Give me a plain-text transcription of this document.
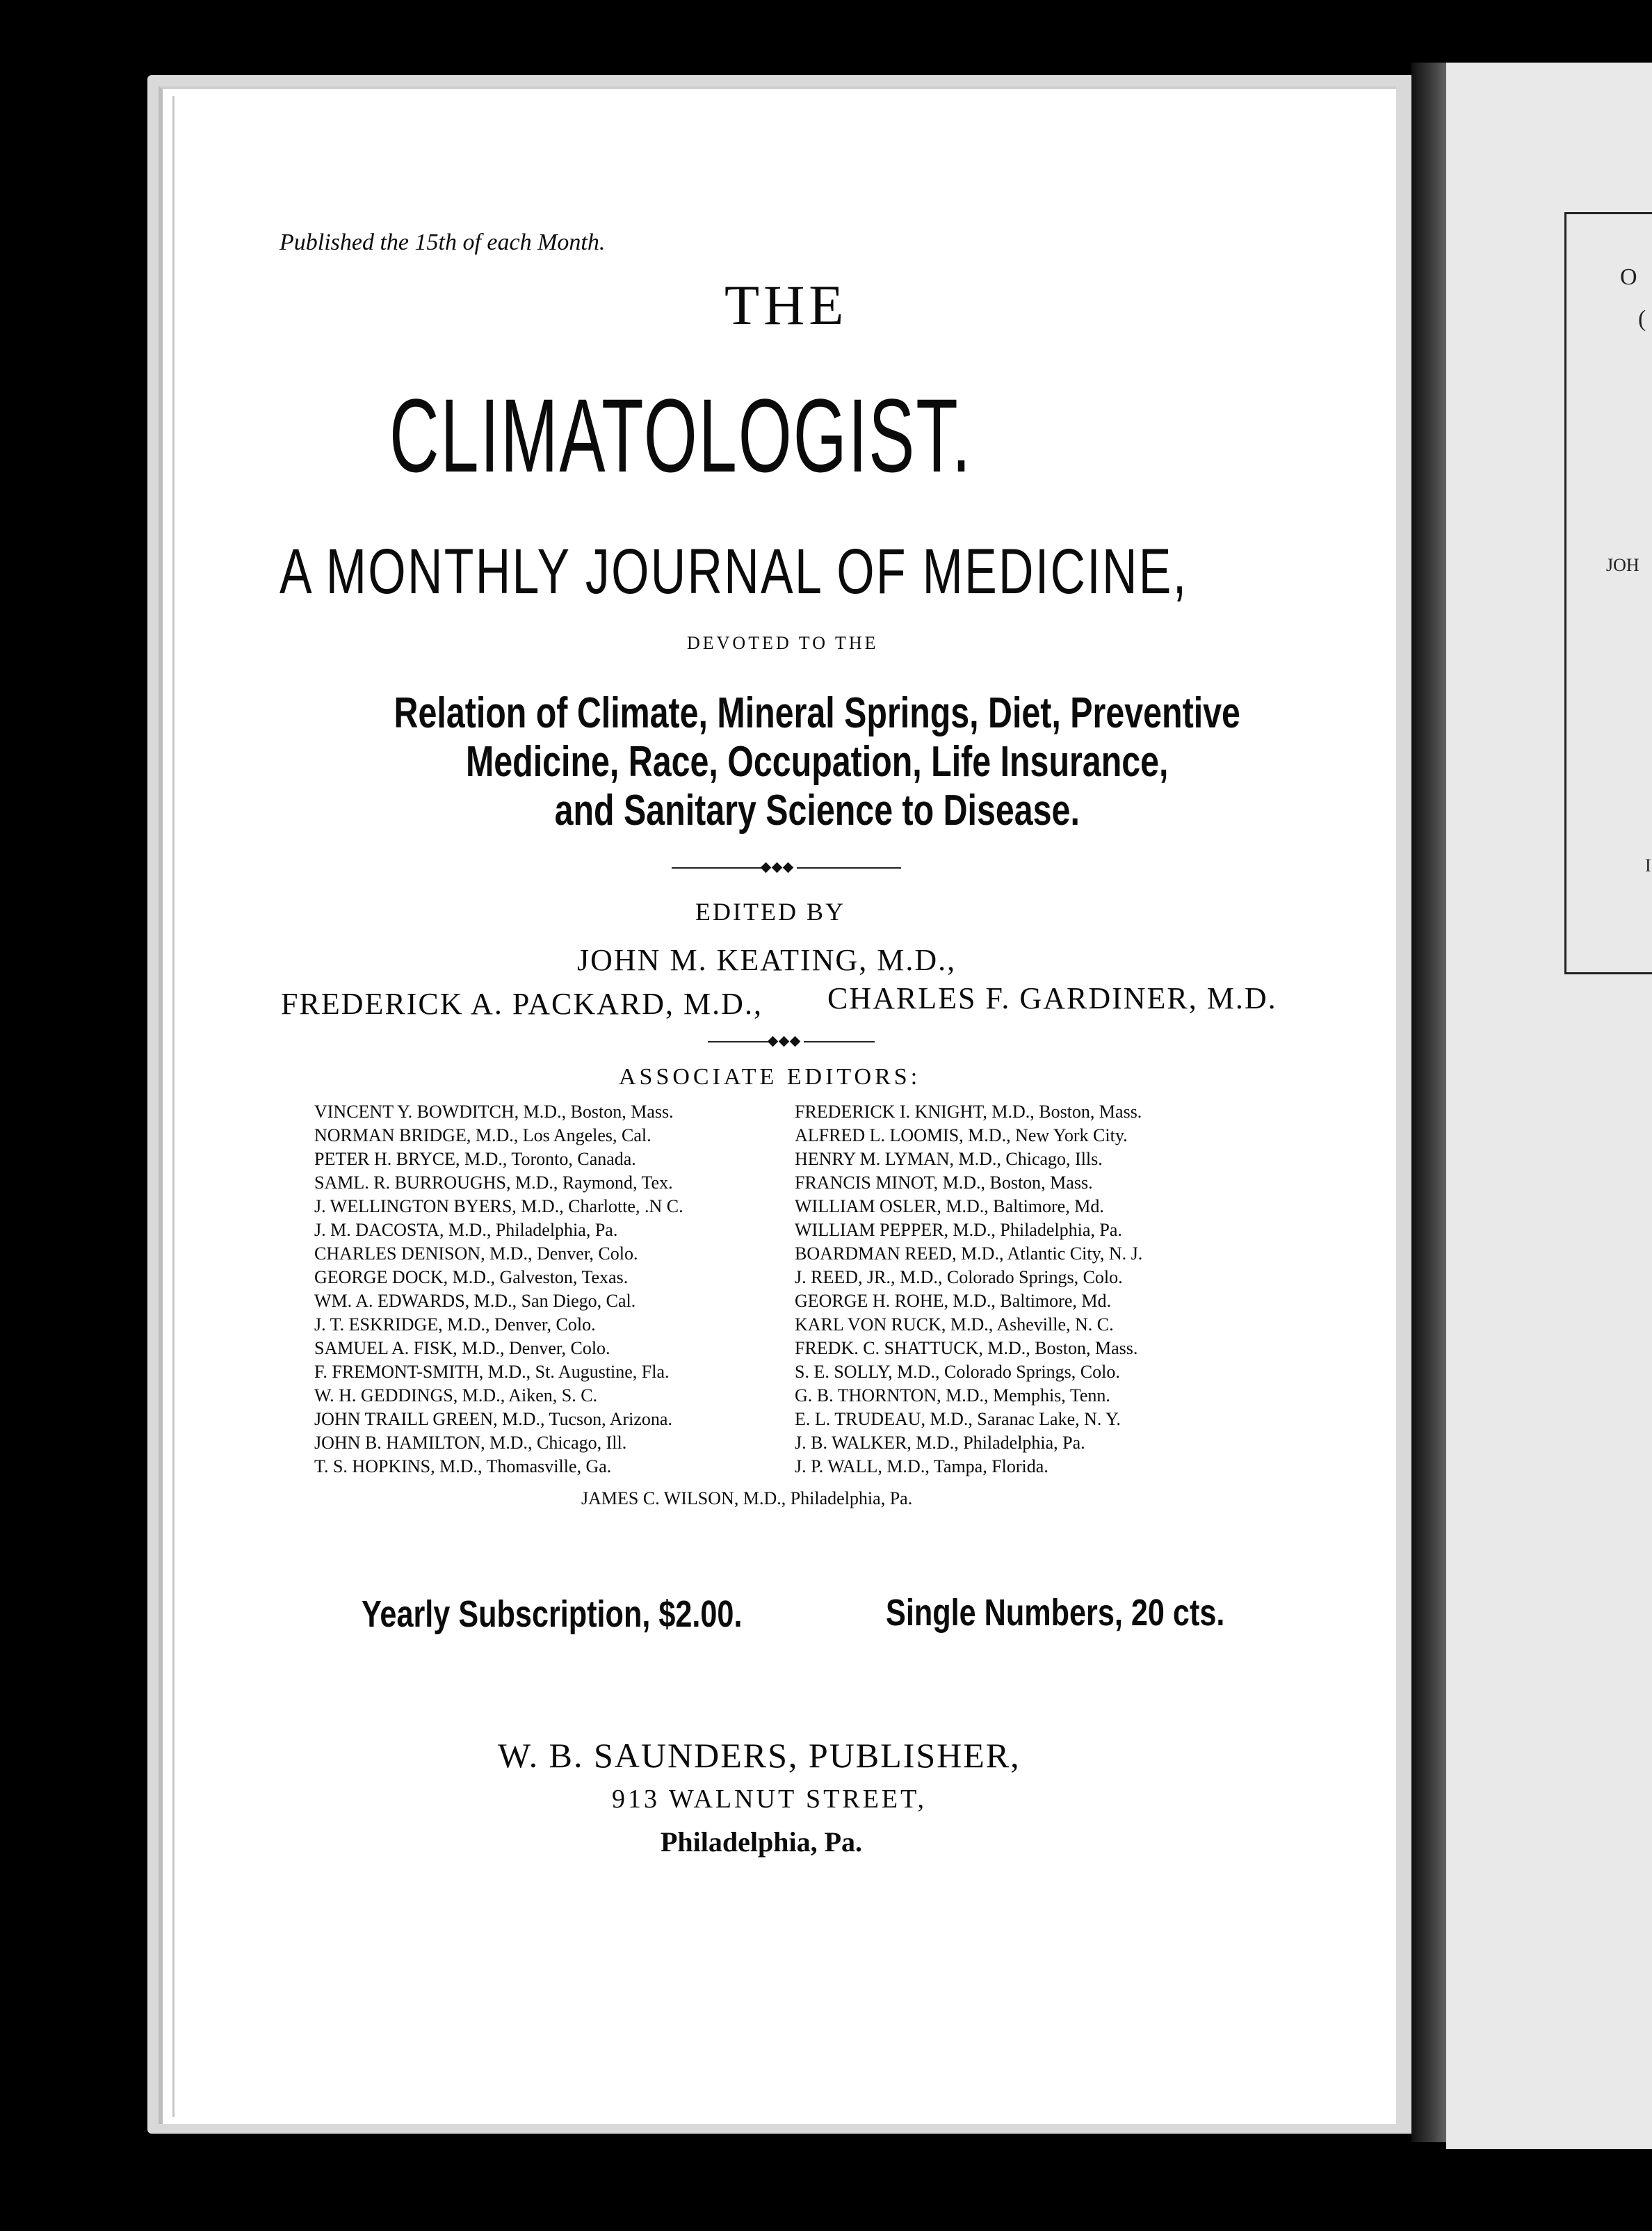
O
(
JOH
I
Published the 15th of each Month.
THE
CLIMATOLOGIST.
A MONTHLY JOURNAL OF MEDICINE,
DEVOTED TO THE
Relation of Climate, Mineral Springs, Diet, Preventive
Medicine, Race, Occupation, Life Insurance,
and Sanitary Science to Disease.
EDITED BY
JOHN M. KEATING, M.D.,
FREDERICK A. PACKARD, M.D., CHARLES F. GARDINER, M.D.
ASSOCIATE EDITORS:
VINCENT Y. BOWDITCH, M.D., Boston, Mass.
NORMAN BRIDGE, M.D., Los Angeles, Cal.
PETER H. BRYCE, M.D., Toronto, Canada.
SAML. R. BURROUGHS, M.D., Raymond, Tex.
J. WELLINGTON BYERS, M.D., Charlotte, .N C.
J. M. DACOSTA, M.D., Philadelphia, Pa.
CHARLES DENISON, M.D., Denver, Colo.
GEORGE DOCK, M.D., Galveston, Texas.
WM. A. EDWARDS, M.D., San Diego, Cal.
J. T. ESKRIDGE, M.D., Denver, Colo.
SAMUEL A. FISK, M.D., Denver, Colo.
F. FREMONT-SMITH, M.D., St. Augustine, Fla.
W. H. GEDDINGS, M.D., Aiken, S. C.
JOHN TRAILL GREEN, M.D., Tucson, Arizona.
JOHN B. HAMILTON, M.D., Chicago, Ill.
T. S. HOPKINS, M.D., Thomasville, Ga.
FREDERICK I. KNIGHT, M.D., Boston, Mass.
ALFRED L. LOOMIS, M.D., New York City.
HENRY M. LYMAN, M.D., Chicago, Ills.
FRANCIS MINOT, M.D., Boston, Mass.
WILLIAM OSLER, M.D., Baltimore, Md.
WILLIAM PEPPER, M.D., Philadelphia, Pa.
BOARDMAN REED, M.D., Atlantic City, N. J.
J. REED, JR., M.D., Colorado Springs, Colo.
GEORGE H. ROHE, M.D., Baltimore, Md.
KARL VON RUCK, M.D., Asheville, N. C.
FREDK. C. SHATTUCK, M.D., Boston, Mass.
S. E. SOLLY, M.D., Colorado Springs, Colo.
G. B. THORNTON, M.D., Memphis, Tenn.
E. L. TRUDEAU, M.D., Saranac Lake, N. Y.
J. B. WALKER, M.D., Philadelphia, Pa.
J. P. WALL, M.D., Tampa, Florida.
JAMES C. WILSON, M.D., Philadelphia, Pa.
Yearly Subscription, $2.00.	Single Numbers, 20 cts.
W. B. SAUNDERS, PUBLISHER,
913 WALNUT STREET,
Philadelphia, Pa.
